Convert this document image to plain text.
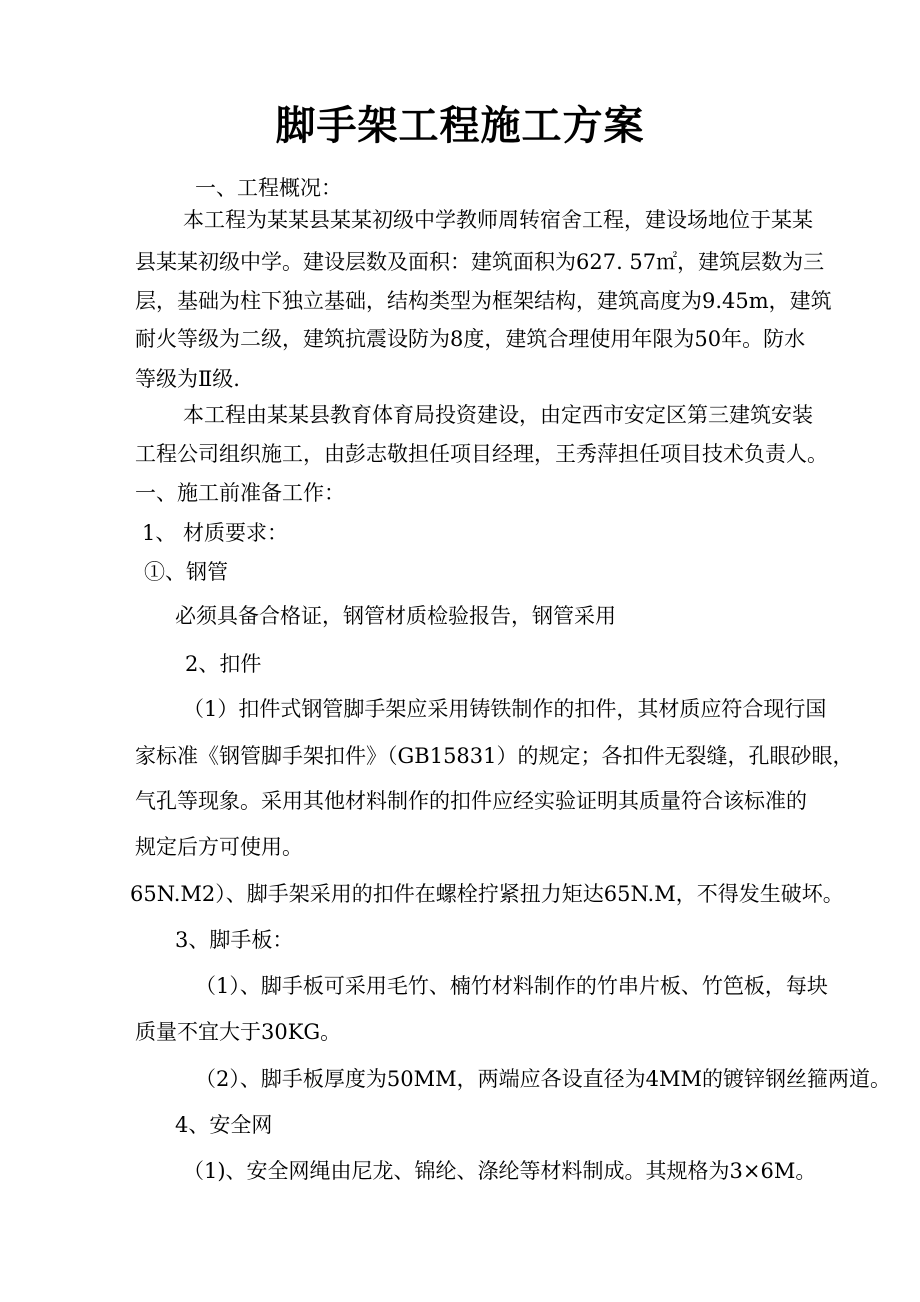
脚手架工程施工方案
一、工程概况：
本工程为某某县某某初级中学教师周转宿舍工程，建设场地位于某某
县某某初级中学。建设层数及面积：建筑面积为627. 57㎡，建筑层数为三
层，基础为柱下独立基础，结构类型为框架结构，建筑高度为9.45m，建筑
耐火等级为二级，建筑抗震设防为8度，建筑合理使用年限为50年。防水
等级为Ⅱ级.
本工程由某某县教育体育局投资建设，由定西市安定区第三建筑安装
工程公司组织施工，由彭志敬担任项目经理，王秀萍担任项目技术负责人。
一、施工前准备工作：
1、 材质要求：
①、钢管
必须具备合格证，钢管材质检验报告，钢管采用
2、扣件
（1）扣件式钢管脚手架应采用铸铁制作的扣件，其材质应符合现行国
家标准《钢管脚手架扣件》（GB15831）的规定；各扣件无裂缝，孔眼砂眼，
气孔等现象。采用其他材料制作的扣件应经实验证明其质量符合该标准的
规定后方可使用。
65N.M2）、脚手架采用的扣件在螺栓拧紧扭力矩达65N.M，不得发生破坏。
3、脚手板：
（1）、脚手板可采用毛竹、楠竹材料制作的竹串片板、竹笆板，每块
质量不宜大于30KG。
（2）、脚手板厚度为50MM，两端应各设直径为4MM的镀锌钢丝箍两道。
4、安全网
（1)、安全网绳由尼龙、锦纶、涤纶等材料制成。其规格为3×6M。
